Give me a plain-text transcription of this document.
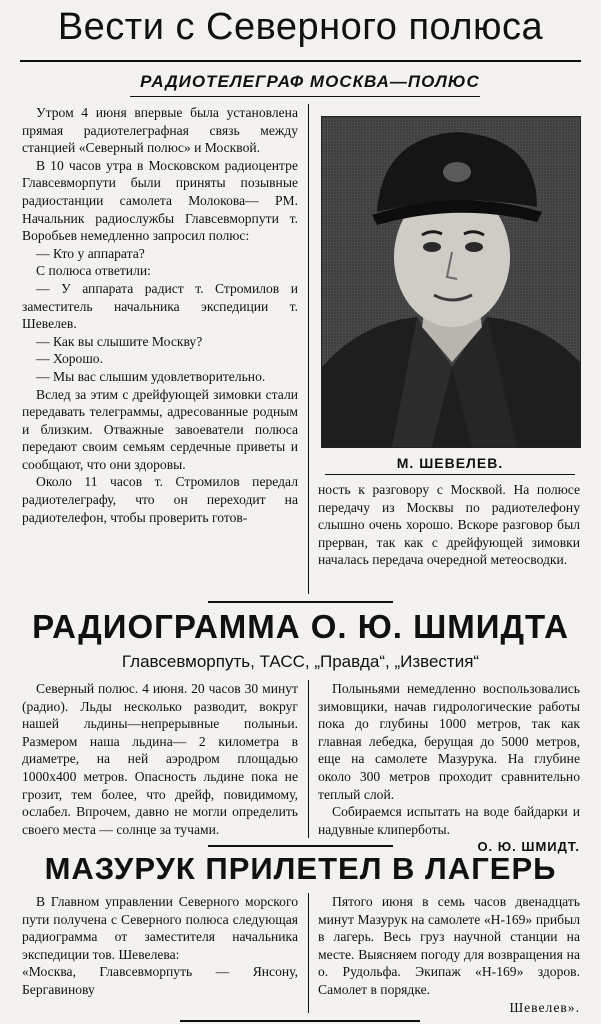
Вести с Северного полюса
РАДИОТЕЛЕГРАФ МОСКВА—ПОЛЮС

Утром 4 июня впервые была установлена прямая радиотелеграфная связь между станцией «Северный полюс» и Москвой.

В 10 часов утра в Московском радиоцентре Главсевморпути были приняты позывные радиостанции самолета Молокова— РМ. Начальник радиослужбы Главсевморпути т. Воробьев немедленно запросил полюс:

— Кто у аппарата?

С полюса ответили:

— У аппарата радист т. Стромилов и заместитель начальника экспедиции т. Шевелев.

— Как вы слышите Москву?

— Хорошо.

— Мы вас слышим удовлетворительно.

Вслед за этим с дрейфующей зимовки стали передавать телеграммы, адресованные родным и близким. Отважные завоеватели полюса передают своим семьям сердечные приветы и сообщают, что они здоровы.

Около 11 часов т. Стромилов передал радиотелеграфу, что он переходит на радиотелефон, чтобы проверить готов-

М. ШЕВЕЛЕВ.

ность к разговору с Москвой. На полюсе передачу из Москвы по радиотелефону слышно очень хорошо. Вскоре разговор был прерван, так как с дрейфующей зимовки началась передача очередной метеосводки.

РАДИОГРАММА О. Ю. ШМИДТА
Главсевморпуть, ТАСС, „Правда“, „Известия“

Северный полюс. 4 июня. 20 часов 30 минут (радио). Льды несколько разводит, вокруг нашей льдины—непрерывные полыньи. Размером наша льдина— 2 километра в диаметре, на ней аэродром площадью 1000х400 метров. Опасность льдине пока не грозит, тем более, что дрейф, повидимому, ослабел. Впрочем, давно не могли определить своего места — солнце за тучами.

Полыньями немедленно воспользовались зимовщики, начав гидрологические работы пока до глубины 1000 метров, так как главная лебедка, берущая до 5000 метров, еще на самолете Мазурука. На глубине около 300 метров проходит сравнительно теплый слой.

Собираемся испытать на воде байдарки и надувные клиперботы.

О. Ю. ШМИДТ.
МАЗУРУК ПРИЛЕТЕЛ В ЛАГЕРЬ

В Главном управлении Северного морского пути получена с Северного полюса следующая радиограмма от заместителя начальника экспедиции тов. Шевелева:

«Москва, Главсевморпуть — Янсону, Бергавинову

Пятого июня в семь часов двенадцать минут Мазурук на самолете «Н-169» прибыл в лагерь. Весь груз научной станции на месте. Выясняем погоду для возвращения на о. Рудольфа. Экипаж «Н-169» здоров. Самолет в порядке.

Шевелев».
